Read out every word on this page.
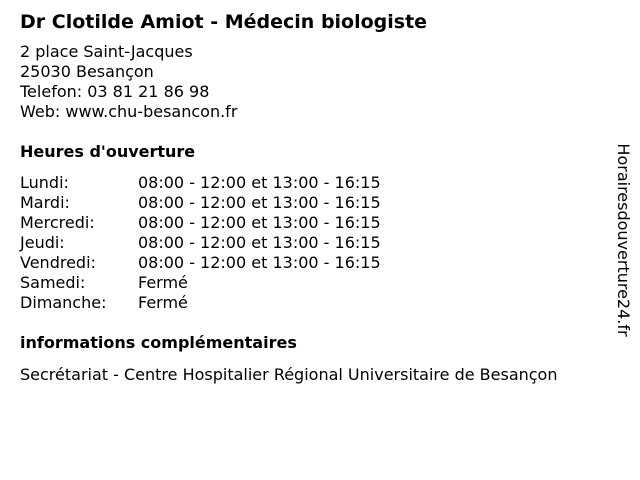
Dr Clotilde Amiot - Médecin biologiste
2 place Saint-Jacques
25030 Besançon
Telefon: 03 81 21 86 98
Web: www.chu-besancon.fr
Heures d'ouverture
Lundi:	08:00 - 12:00 et 13:00 - 16:15
Mardi:	08:00 - 12:00 et 13:00 - 16:15
Mercredi:	08:00 - 12:00 et 13:00 - 16:15
Jeudi:	08:00 - 12:00 et 13:00 - 16:15
Vendredi:	08:00 - 12:00 et 13:00 - 16:15
Samedi:	Fermé
Dimanche:	Fermé
informations complémentaires
Secrétariat - Centre Hospitalier Régional Universitaire de Besançon
Horairesdouverture24.fr
